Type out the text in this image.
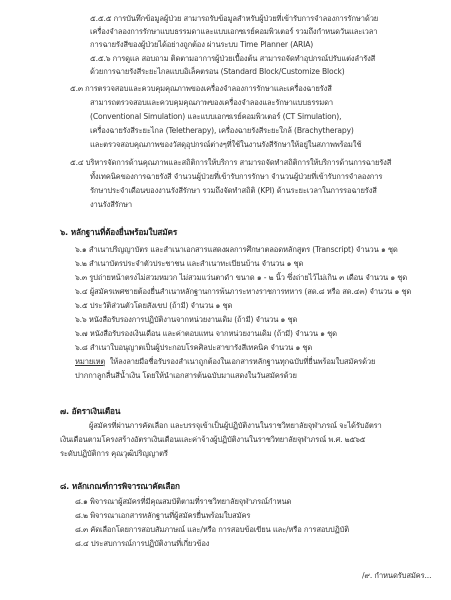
๕.๕.๕ การบันทึกข้อมูลผู้ป่วย สามารถรับข้อมูลสำหรับผู้ป่วยที่เข้ารับการจำลองการรักษาด้วย
เครื่องจำลองการรักษาแบบธรรมดาและแบบเอกซเรย์คอมพิวเตอร์ รวมถึงกำหนดวันและเวลา
การฉายรังสีของผู้ป่วยได้อย่างถูกต้อง ผ่านระบบ Time Planner (ARIA)
๕.๕.๖ การดูแล สอบถาม ติดตามอาการผู้ป่วยเบื้องต้น สามารถจัดทำอุปกรณ์ปรับแต่งลำรังสี
ด้วยการฉายรังสีระยะไกลแบบอิเล็คตรอน (Standard Block/Customize Block)
๕.๓ การตรวจสอบและควบคุมคุณภาพของเครื่องจำลองการรักษาและเครื่องฉายรังสี
สามารถตรวจสอบและควบคุมคุณภาพของเครื่องจำลองและรักษาแบบธรรมดา
(Conventional Simulation) และแบบเอกซเรย์คอมพิวเตอร์ (CT Simulation),
เครื่องฉายรังสีระยะไกล (Teletherapy), เครื่องฉายรังสีระยะใกล้ (Brachytherapy)
และตรวจสอบคุณภาพของวัสดุอุปกรณ์ต่างๆที่ใช้ในงานรังสีรักษาให้อยู่ในสภาพพร้อมใช้
๕.๔ บริหารจัดการด้านคุณภาพและสถิติการให้บริการ สามารถจัดทำสถิติการให้บริการด้านการฉายรังสี
ทั้งเทคนิคของการฉายรังสี จำนวนผู้ป่วยที่เข้ารับการรักษา จำนวนผู้ป่วยที่เข้ารับการจำลองการ
รักษาประจำเดือนของงานรังสีรักษา รวมถึงจัดทำสถิติ (KPI) ด้านระยะเวลาในการรอฉายรังสี
งานรังสีรักษา
๖. หลักฐานที่ต้องยื่นพร้อมใบสมัคร
๖.๑ สำเนาปริญญาบัตร และสำเนาเอกสารแสดงผลการศึกษาตลอดหลักสูตร (Transcript) จำนวน ๑ ชุด
๖.๒ สำเนาบัตรประจำตัวประชาชน และสำเนาทะเบียนบ้าน จำนวน ๑ ชุด
๖.๓ รูปถ่ายหน้าตรงไม่สวมหมวก ไม่สวมแว่นตาดำ ขนาด ๑ - ๒ นิ้ว ซึ่งถ่ายไว้ไม่เกิน ๓ เดือน จำนวน ๑ ชุด
๖.๔ ผู้สมัครเพศชายต้องยื่นสำเนาหลักฐานการพ้นภาระทางราชการทหาร (สด.๘ หรือ สด.๔๓) จำนวน ๑ ชุด
๖.๕ ประวัติส่วนตัวโดยสังเขป (ถ้ามี) จำนวน ๑ ชุด
๖.๖ หนังสือรับรองการปฏิบัติงานจากหน่วยงานเดิม (ถ้ามี) จำนวน ๑ ชุด
๖.๗ หนังสือรับรองเงินเดือน และค่าตอบแทน จากหน่วยงานเดิม (ถ้ามี) จำนวน ๑ ชุด
๖.๘ สำเนาใบอนุญาตเป็นผู้ประกอบโรคศิลปะสาขารังสีเทคนิค จำนวน ๑ ชุด
หมายเหตุ ให้ลงลายมือชื่อรับรองสำเนาถูกต้องในเอกสารหลักฐานทุกฉบับที่ยื่นพร้อมใบสมัครด้วย
ปากกาลูกลื่นสีน้ำเงิน โดยให้นำเอกสารต้นฉบับมาแสดงในวันสมัครด้วย
๗. อัตราเงินเดือน
ผู้สมัครที่ผ่านการคัดเลือก และบรรจุเข้าเป็นผู้ปฏิบัติงานในราชวิทยาลัยจุฬาภรณ์ จะได้รับอัตรา
เงินเดือนตามโครงสร้างอัตราเงินเดือนและค่าจ้างผู้ปฏิบัติงานในราชวิทยาลัยจุฬาภรณ์ พ.ศ. ๒๕๖๕
ระดับปฏิบัติการ คุณวุฒิปริญญาตรี
๘. หลักเกณฑ์การพิจารณาคัดเลือก
๘.๑ พิจารณาผู้สมัครที่มีคุณสมบัติตามที่ราชวิทยาลัยจุฬาภรณ์กำหนด
๘.๒ พิจารณาเอกสารหลักฐานที่ผู้สมัครยื่นพร้อมใบสมัคร
๘.๓ คัดเลือกโดยการสอบสัมภาษณ์ และ/หรือ การสอบข้อเขียน และ/หรือ การสอบปฏิบัติ
๘.๔ ประสบการณ์การปฏิบัติงานที่เกี่ยวข้อง
/๙. กำหนดรับสมัคร...
